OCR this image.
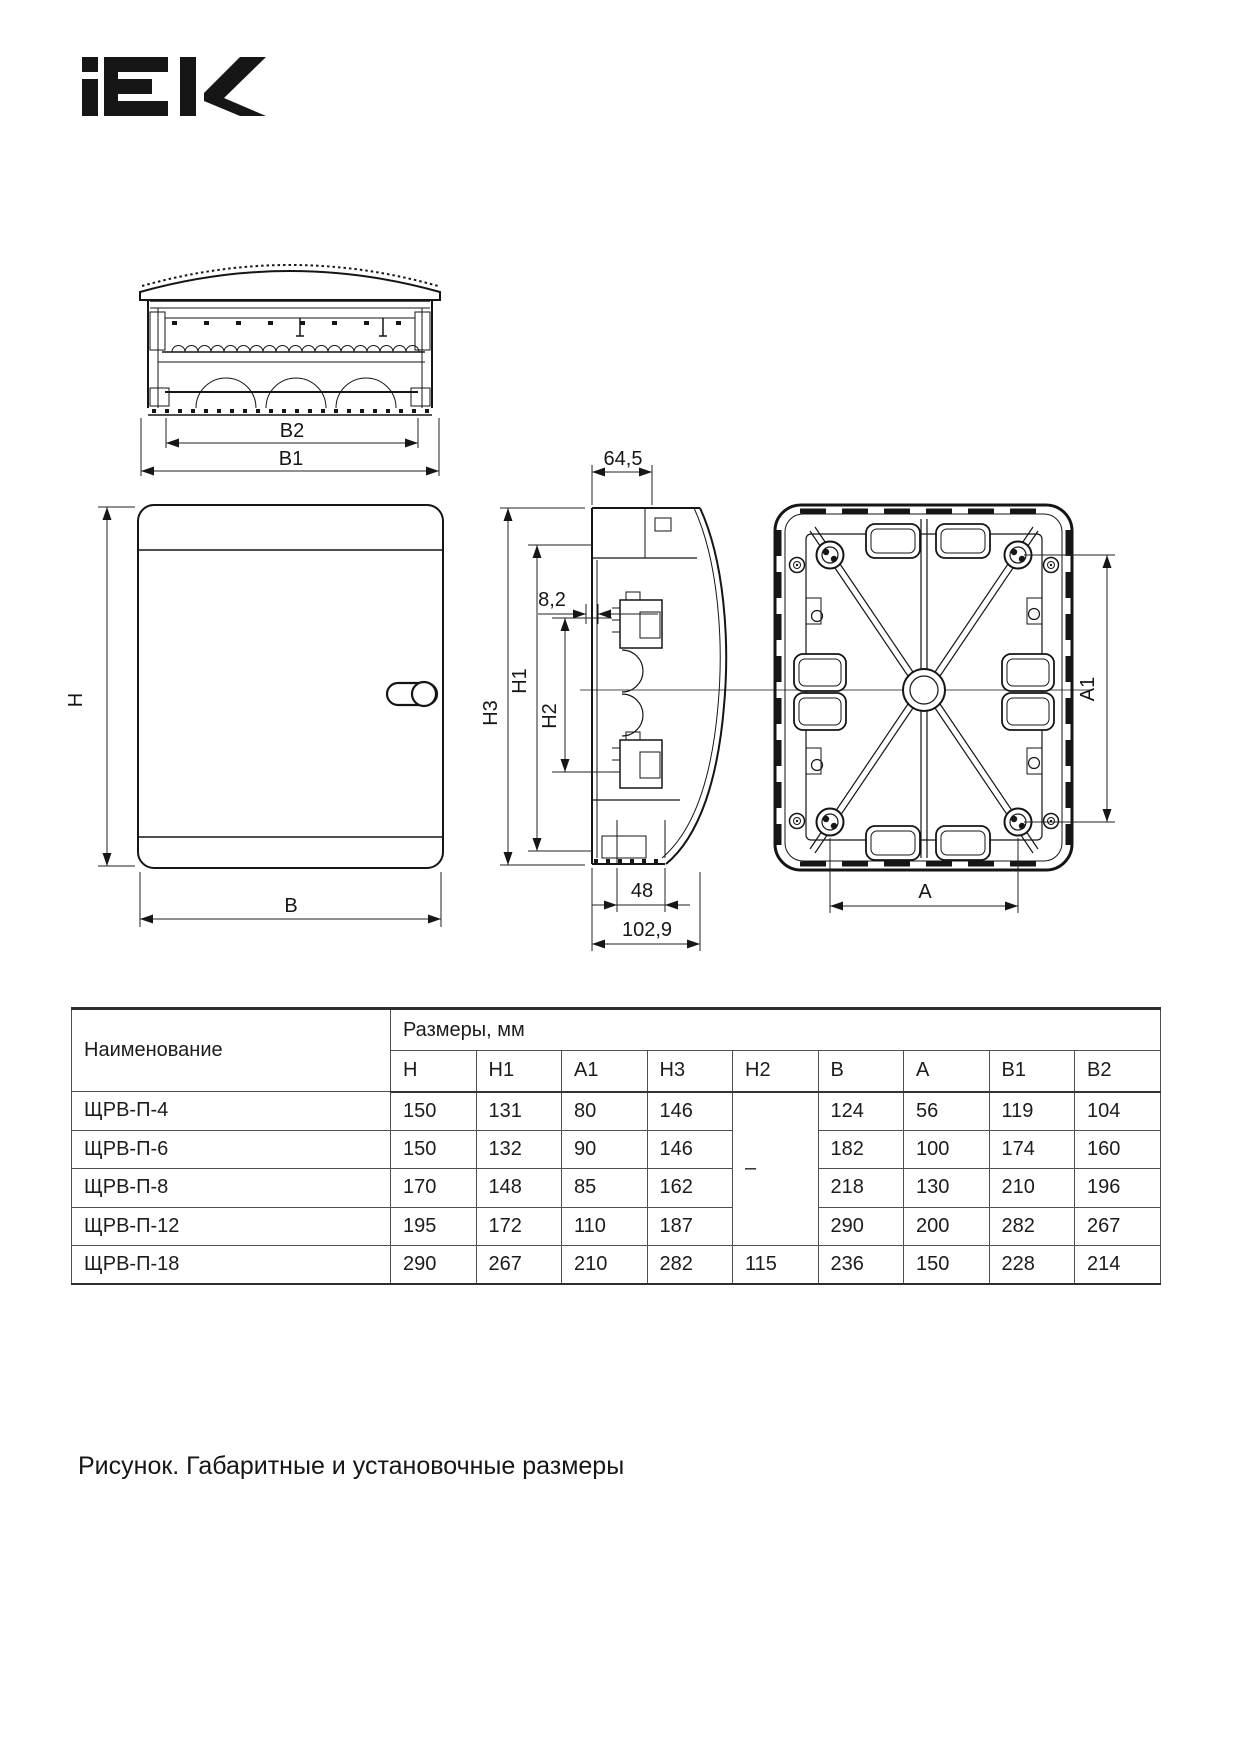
B2
B1
H
B
64,5
8,2
H3
H1
H2
48
102,9
A1
A
Наименование	Размеры, мм								
	Н	Н1	А1	Н3	Н2	В	А	В1	В2
ЩРВ-П-4	150	131	80	146	–	124	56	119	104
ЩРВ-П-6	150	132	90	146		182	100	174	160
ЩРВ-П-8	170	148	85	162		218	130	210	196
ЩРВ-П-12	195	172	110	187		290	200	282	267
ЩРВ-П-18	290	267	210	282	115	236	150	228	214
Рисунок. Габаритные и установочные размеры
